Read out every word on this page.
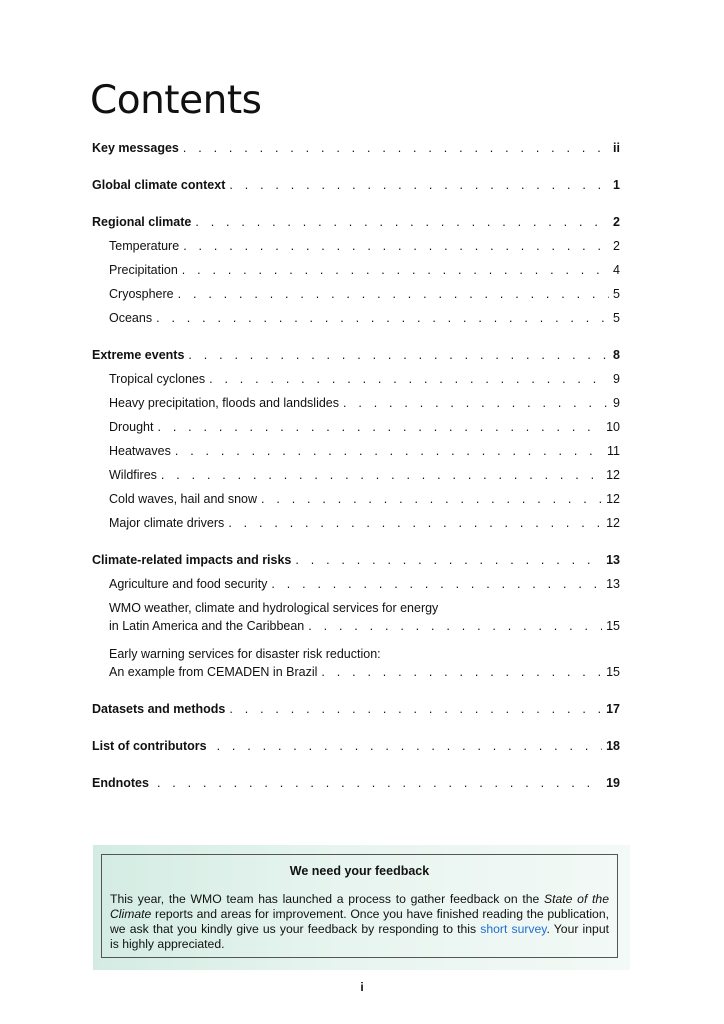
Contents
Key messages . . .	ii
Global climate context . . .	1
Regional climate . . .	2
Temperature . . .	2
Precipitation . . .	4
Cryosphere . . .	5
Oceans . . .	5
Extreme events . . .	8
Tropical cyclones . . .	9
Heavy precipitation, floods and landslides . . .	9
Drought . . .	10
Heatwaves . . .	11
Wildfires . . .	12
Cold waves, hail and snow . . .	12
Major climate drivers . . .	12
Climate-related impacts and risks . . .	13
Agriculture and food security . . .	13
WMO weather, climate and hydrological services for energy
in Latin America and the Caribbean . . .	15
Early warning services for disaster risk reduction:
An example from CEMADEN in Brazil . . .	15
Datasets and methods . . .	17
List of contributors . . .	18
Endnotes . . .	19
We need your feedback
This year, the WMO team has launched a process to gather feedback on the State of the Climate reports and areas for improvement. Once you have finished reading the publication, we ask that you kindly give us your feedback by responding to this short survey. Your input is highly appreciated.
i
